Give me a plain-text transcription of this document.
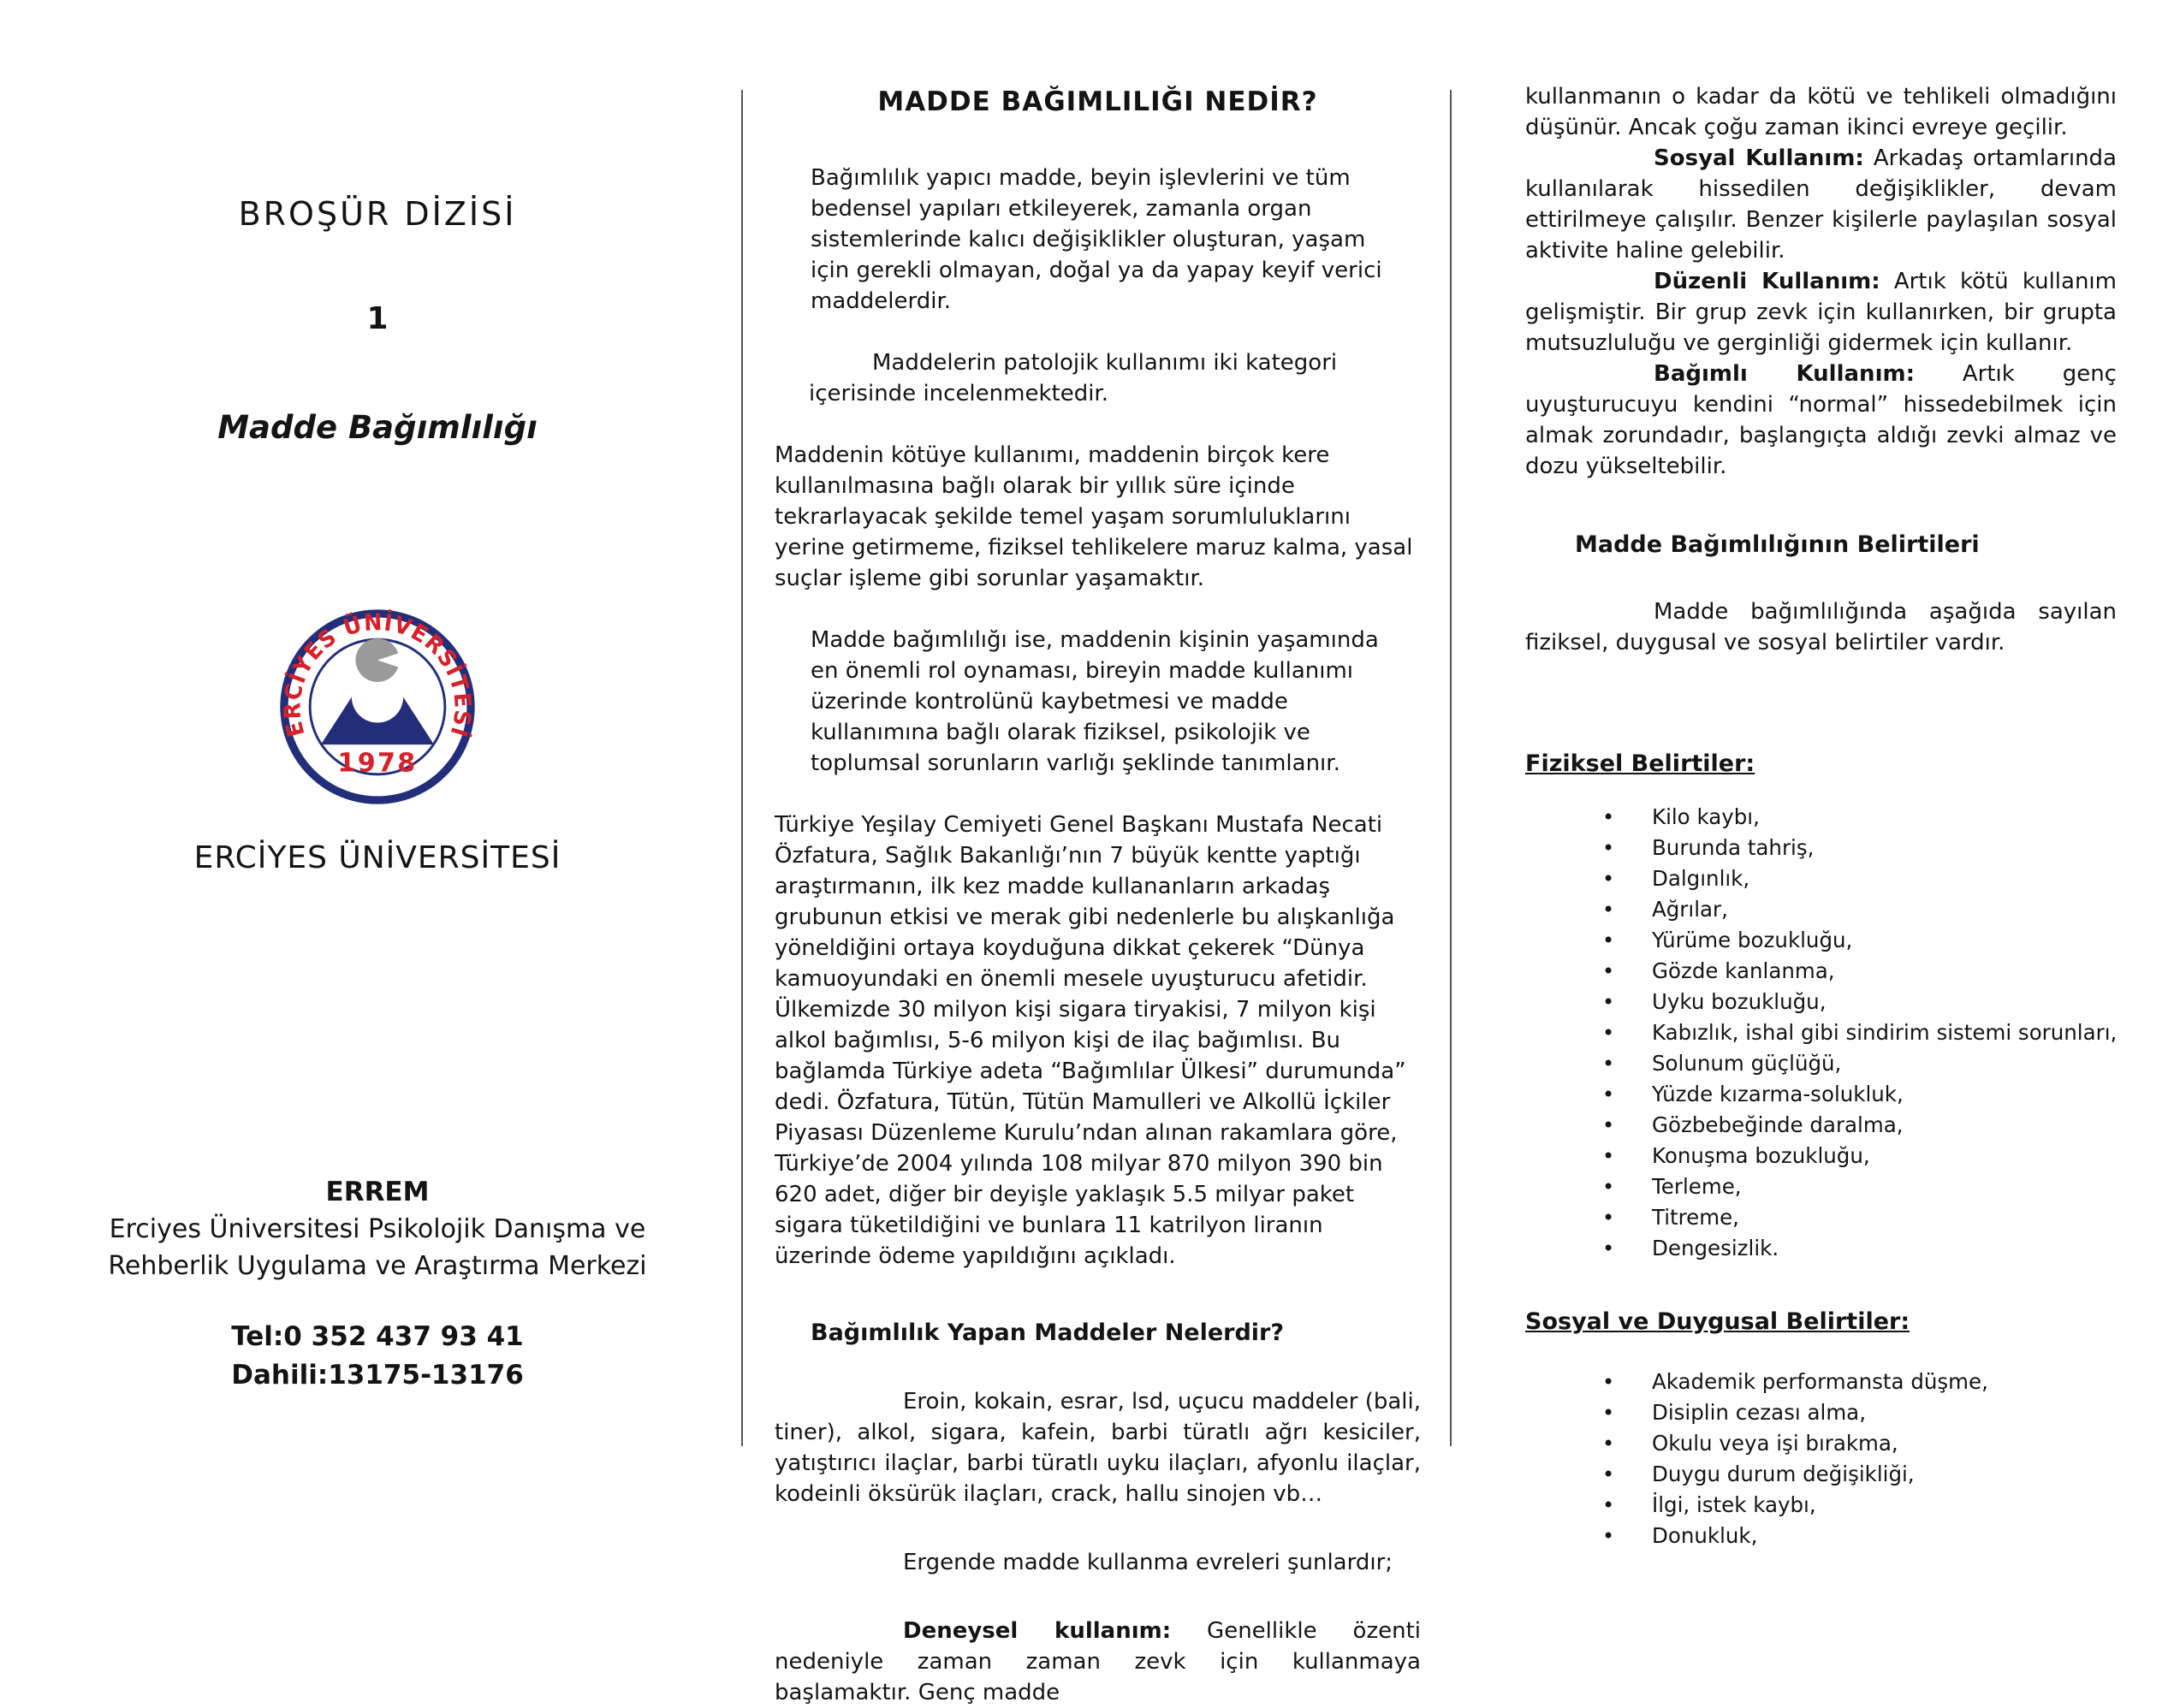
BROŞÜR DİZİSİ
1
Madde Bağımlılığı
ERCİYES ÜNİVERSİTESİ
1978
ERCİYES ÜNİVERSİTESİ
ERREM
Erciyes Üniversitesi Psikolojik Danışma ve
Rehberlik Uygulama ve Araştırma Merkezi
Tel:0 352 437 93 41
Dahili:13175-13176
MADDE BAĞIMLILIĞI NEDİR?

Bağımlılık yapıcı madde, beyin işlevlerini ve tüm bedensel yapıları etkileyerek, zamanla organ sistemlerinde kalıcı değişiklikler oluşturan, yaşam için gerekli olmayan, doğal ya da yapay keyif verici maddelerdir.

Maddelerin patolojik kullanımı iki kategori içerisinde incelenmektedir.

Maddenin kötüye kullanımı, maddenin birçok kere kullanılmasına bağlı olarak bir yıllık süre içinde tekrarlayacak şekilde temel yaşam sorumluluklarını yerine getirmeme, fiziksel tehlikelere maruz kalma, yasal suçlar işleme gibi sorunlar yaşamaktır.

Madde bağımlılığı ise, maddenin kişinin yaşamında en önemli rol oynaması, bireyin madde kullanımı üzerinde kontrolünü kaybetmesi ve madde kullanımına bağlı olarak fiziksel, psikolojik ve toplumsal sorunların varlığı şeklinde tanımlanır.

Türkiye Yeşilay Cemiyeti Genel Başkanı Mustafa Necati Özfatura, Sağlık Bakanlığı’nın 7 büyük kentte yaptığı araştırmanın, ilk kez madde kullananların arkadaş grubunun etkisi ve merak gibi nedenlerle bu alışkanlığa yöneldiğini ortaya koyduğuna dikkat çekerek “Dünya kamuoyundaki en önemli mesele uyuşturucu afetidir. Ülkemizde 30 milyon kişi sigara tiryakisi, 7 milyon kişi alkol bağımlısı, 5-6 milyon kişi de ilaç bağımlısı. Bu bağlamda Türkiye adeta “Bağımlılar Ülkesi” durumunda” dedi. Özfatura, Tütün, Tütün Mamulleri ve Alkollü İçkiler Piyasası Düzenleme Kurulu’ndan alınan rakamlara göre, Türkiye’de 2004 yılında 108 milyar 870 milyon 390 bin 620 adet, diğer bir deyişle yaklaşık 5.5 milyar paket sigara tüketildiğini ve bunlara 11 katrilyon liranın üzerinde ödeme yapıldığını açıkladı.

Bağımlılık Yapan Maddeler Nelerdir?

Eroin, kokain, esrar, lsd, uçucu maddeler (bali, tiner), alkol, sigara, kafein, barbi türatlı ağrı kesiciler, yatıştırıcı ilaçlar, barbi türatlı uyku ilaçları, afyonlu ilaçlar, kodeinli öksürük ilaçları, crack, hallu sinojen vb…

Ergende madde kullanma evreleri şunlardır;

Deneysel kullanım: Genellikle özenti nedeniyle zaman zaman zevk için kullanmaya başlamaktır. Genç madde

kullanmanın o kadar da kötü ve tehlikeli olmadığını düşünür. Ancak çoğu zaman ikinci evreye geçilir.

Sosyal Kullanım: Arkadaş ortamlarında kullanılarak hissedilen değişiklikler, devam ettirilmeye çalışılır. Benzer kişilerle paylaşılan sosyal aktivite haline gelebilir.

Düzenli Kullanım: Artık kötü kullanım gelişmiştir. Bir grup zevk için kullanırken, bir grupta mutsuzluluğu ve gerginliği gidermek için kullanır.

Bağımlı Kullanım: Artık genç uyuşturucuyu kendini “normal” hissedebilmek için almak zorundadır, başlangıçta aldığı zevki almaz ve dozu yükseltebilir.

Madde Bağımlılığının Belirtileri

Madde bağımlılığında aşağıda sayılan fiziksel, duygusal ve sosyal belirtiler vardır.

Fiziksel Belirtiler:
•	Kilo kaybı,
•	Burunda tahriş,
•	Dalgınlık,
•	Ağrılar,
•	Yürüme bozukluğu,
•	Gözde kanlanma,
•	Uyku bozukluğu,
•	Kabızlık, ishal gibi sindirim sistemi sorunları,
•	Solunum güçlüğü,
•	Yüzde kızarma-solukluk,
•	Gözbebeğinde daralma,
•	Konuşma bozukluğu,
•	Terleme,
•	Titreme,
•	Dengesizlik.
Sosyal ve Duygusal Belirtiler:
•	Akademik performansta düşme,
•	Disiplin cezası alma,
•	Okulu veya işi bırakma,
•	Duygu durum değişikliği,
•	İlgi, istek kaybı,
•	Donukluk,
